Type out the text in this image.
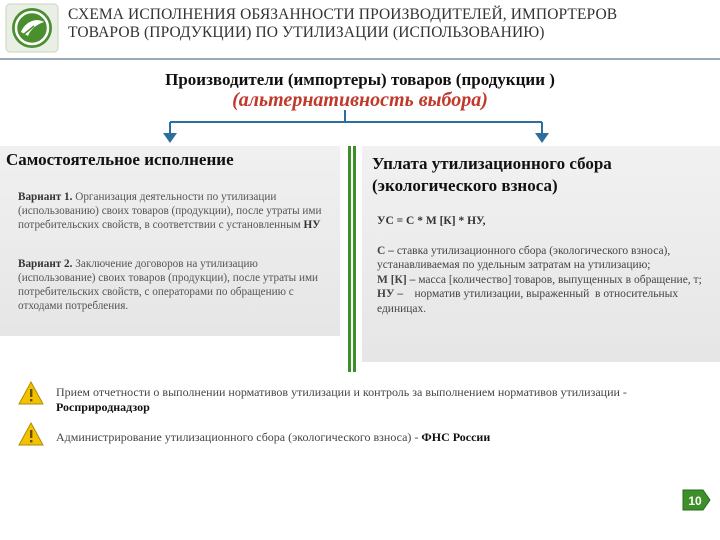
СХЕМА ИСПОЛНЕНИЯ ОБЯЗАННОСТИ ПРОИЗВОДИТЕЛЕЙ, ИМПОРТЕРОВ
ТОВАРОВ (ПРОДУКЦИИ) ПО УТИЛИЗАЦИИ (ИСПОЛЬЗОВАНИЮ)
Производители (импортеры) товаров (продукции )
(альтернативность выбора)
Самостоятельное исполнение
Вариант 1. Организация деятельности по утилизации (использованию) своих товаров (продукции), после утраты ими потребительских свойств, в соответствии с установленным НУ
Вариант 2. Заключение договоров на утилизацию (использование) своих товаров (продукции), после утраты ими потребительских свойств, с операторами по обращению с отходами потребления.
Уплата утилизационного сбора
(экологического взноса)
УС = С * М [К] * НУ,
С – ставка утилизационного сбора (экологического взноса), устанавливаемая по удельным затратам на утилизацию;
М [К] – масса [количество] товаров, выпущенных в обращение, т;
НУ –    норматив утилизации, выраженный  в относительных единицах.
Прием отчетности о выполнении нормативов утилизации и контроль за выполнением нормативов утилизации - Росприроднадзор
Администрирование утилизационного сбора (экологического взноса) - ФНС России
10
